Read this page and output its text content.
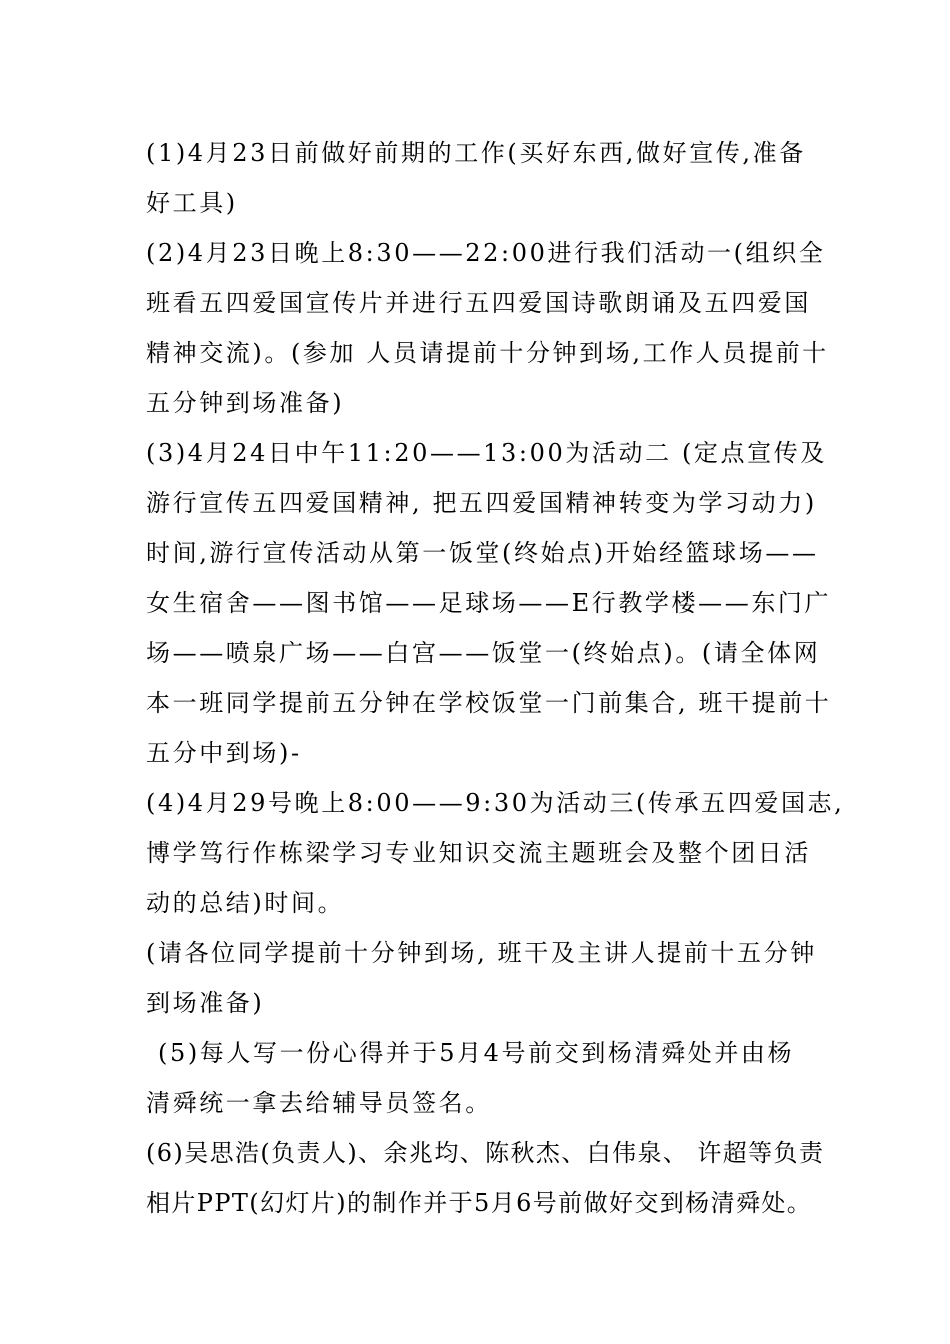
(1)4月23日前做好前期的工作(买好东西,做好宣传,准备
好工具)
(2)4月23日晚上8:30——22:00进行我们活动一(组织全
班看五四爱国宣传片并进行五四爱国诗歌朗诵及五四爱国
精神交流)。(参加 人员请提前十分钟到场,工作人员提前十
五分钟到场准备)
(3)4月24日中午11:20——13:00为活动二 (定点宣传及
游行宣传五四爱国精神, 把五四爱国精神转变为学习动力)
时间,游行宣传活动从第一饭堂(终始点)开始经篮球场——
女生宿舍——图书馆——足球场——E行教学楼——东门广
场——喷泉广场——白宫——饭堂一(终始点)。(请全体网
本一班同学提前五分钟在学校饭堂一门前集合, 班干提前十
五分中到场)-
(4)4月29号晚上8:00——9:30为活动三(传承五四爱国志,
博学笃行作栋梁学习专业知识交流主题班会及整个团日活
动的总结)时间。
(请各位同学提前十分钟到场, 班干及主讲人提前十五分钟
到场准备)
(5)每人写一份心得并于5月4号前交到杨清舜处并由杨
清舜统一拿去给辅导员签名。
(6)吴思浩(负责人)、余兆均、陈秋杰、白伟泉、 许超等负责
相片PPT(幻灯片)的制作并于5月6号前做好交到杨清舜处。
